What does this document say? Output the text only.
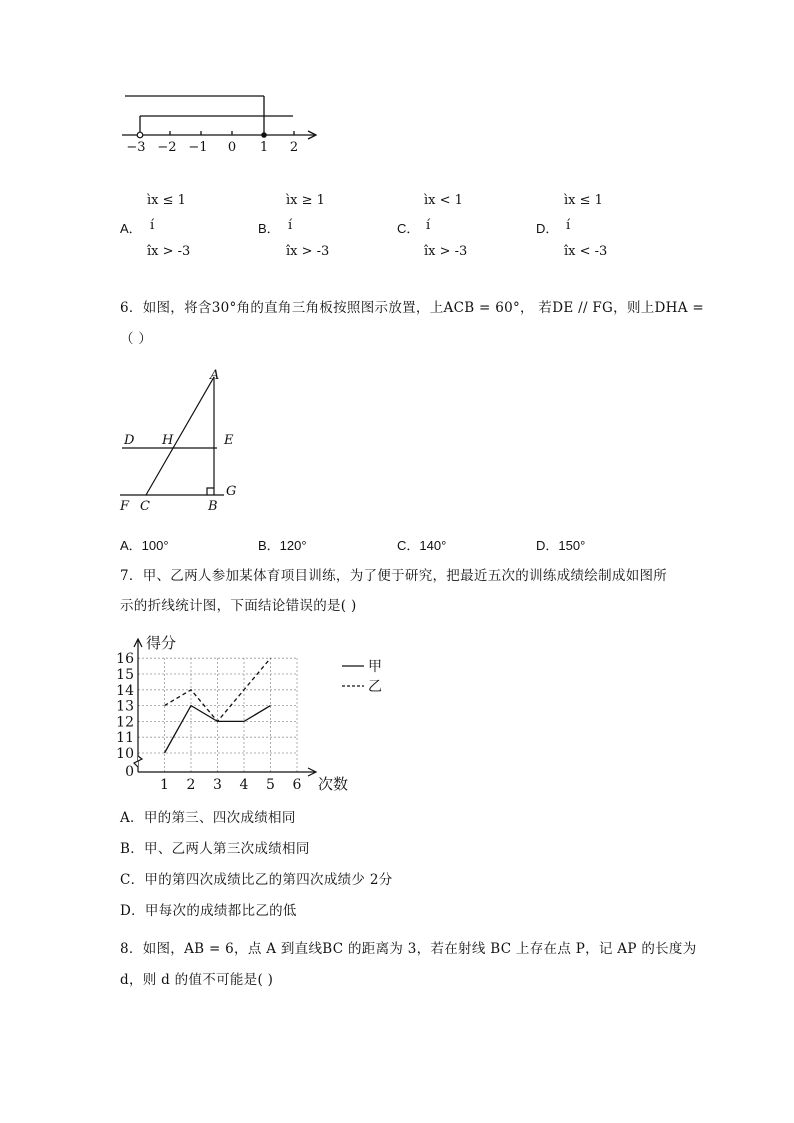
−3 −2 −1 0 1 2
ìx ≤ 1
A． í
îx > -3
ìx ≥ 1
B． í
îx > -3
ìx < 1
C． í
îx > -3
ìx ≤ 1
D． í
îx < -3
6．如图，将含30°角的直角三角板按照图示放置，上ACB = 60°， 若DE // FG，则上DHA =
（ ）
A
D H	E
G
F C	B
A．100°	B．120°	C．140°	D．150°
7．甲、乙两人参加某体育项目训练，为了便于研究，把最近五次的训练成绩绘制成如图所
示的折线统计图，下面结论错误的是( )
0
10
11
12
13
14
15
16
1 2 3 4 5 6
得分
次数
甲
乙
A．甲的第三、四次成绩相同
B．甲、乙两人第三次成绩相同
C．甲的第四次成绩比乙的第四次成绩少 2分
D．甲每次的成绩都比乙的低
8．如图，AB = 6，点 A 到直线BC 的距离为 3，若在射线 BC 上存在点 P，记 AP 的长度为
d，则 d 的值不可能是( )
